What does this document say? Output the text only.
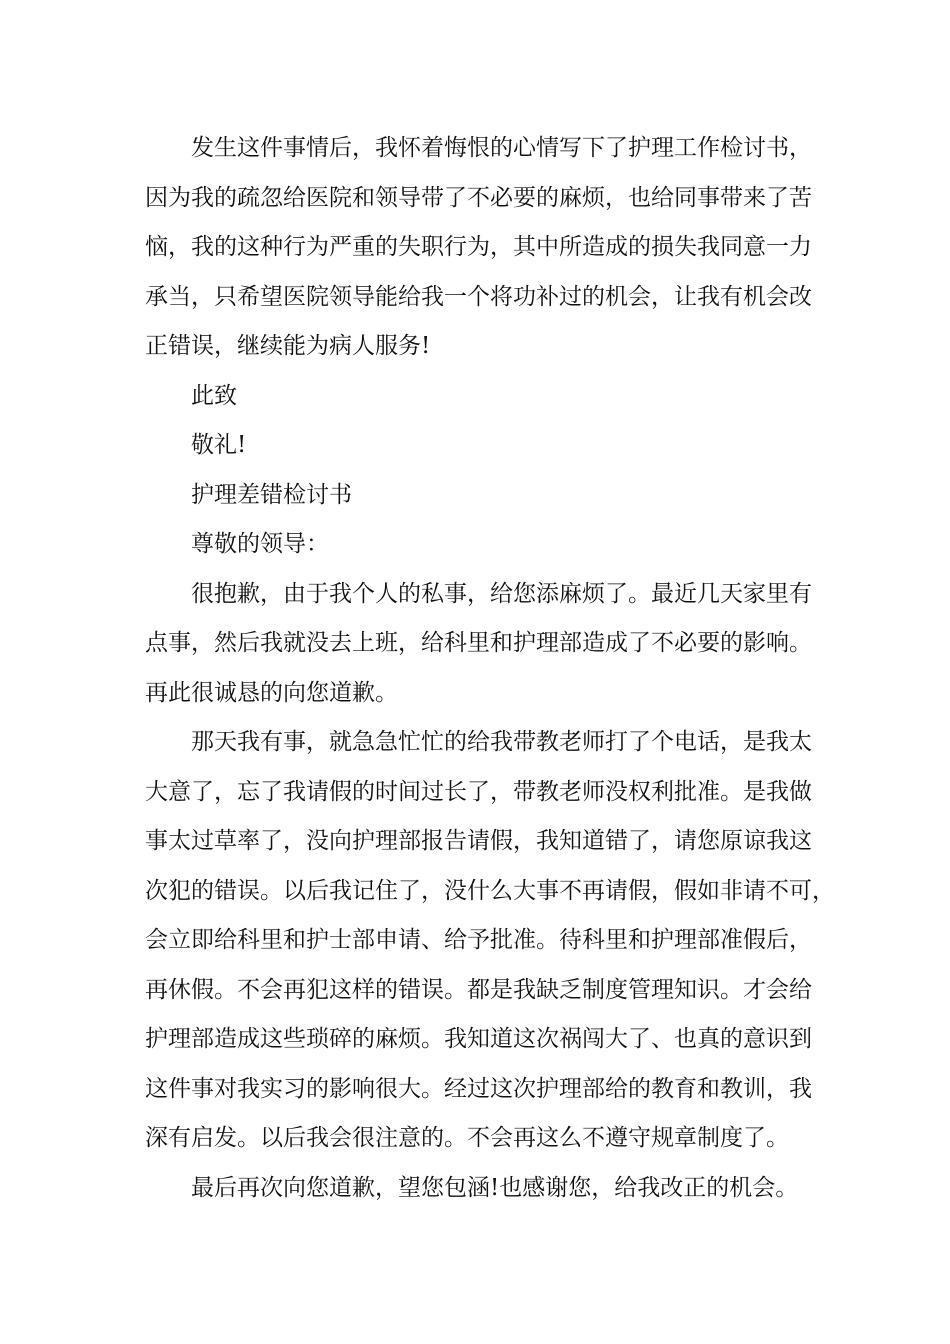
发生这件事情后，我怀着悔恨的心情写下了护理工作检讨书，
因为我的疏忽给医院和领导带了不必要的麻烦，也给同事带来了苦
恼，我的这种行为严重的失职行为，其中所造成的损失我同意一力
承当，只希望医院领导能给我一个将功补过的机会，让我有机会改
正错误，继续能为病人服务!

此致

敬礼!

护理差错检讨书

尊敬的领导：

很抱歉，由于我个人的私事，给您添麻烦了。最近几天家里有
点事，然后我就没去上班，给科里和护理部造成了不必要的影响。
再此很诚恳的向您道歉。

那天我有事，就急急忙忙的给我带教老师打了个电话，是我太
大意了，忘了我请假的时间过长了，带教老师没权利批准。是我做
事太过草率了，没向护理部报告请假，我知道错了，请您原谅我这
次犯的错误。以后我记住了，没什么大事不再请假，假如非请不可，
会立即给科里和护士部申请、给予批准。待科里和护理部准假后，
再休假。不会再犯这样的错误。都是我缺乏制度管理知识。才会给
护理部造成这些琐碎的麻烦。我知道这次祸闯大了、也真的意识到
这件事对我实习的影响很大。经过这次护理部给的教育和教训，我
深有启发。以后我会很注意的。不会再这么不遵守规章制度了。

最后再次向您道歉，望您包涵!也感谢您，给我改正的机会。
